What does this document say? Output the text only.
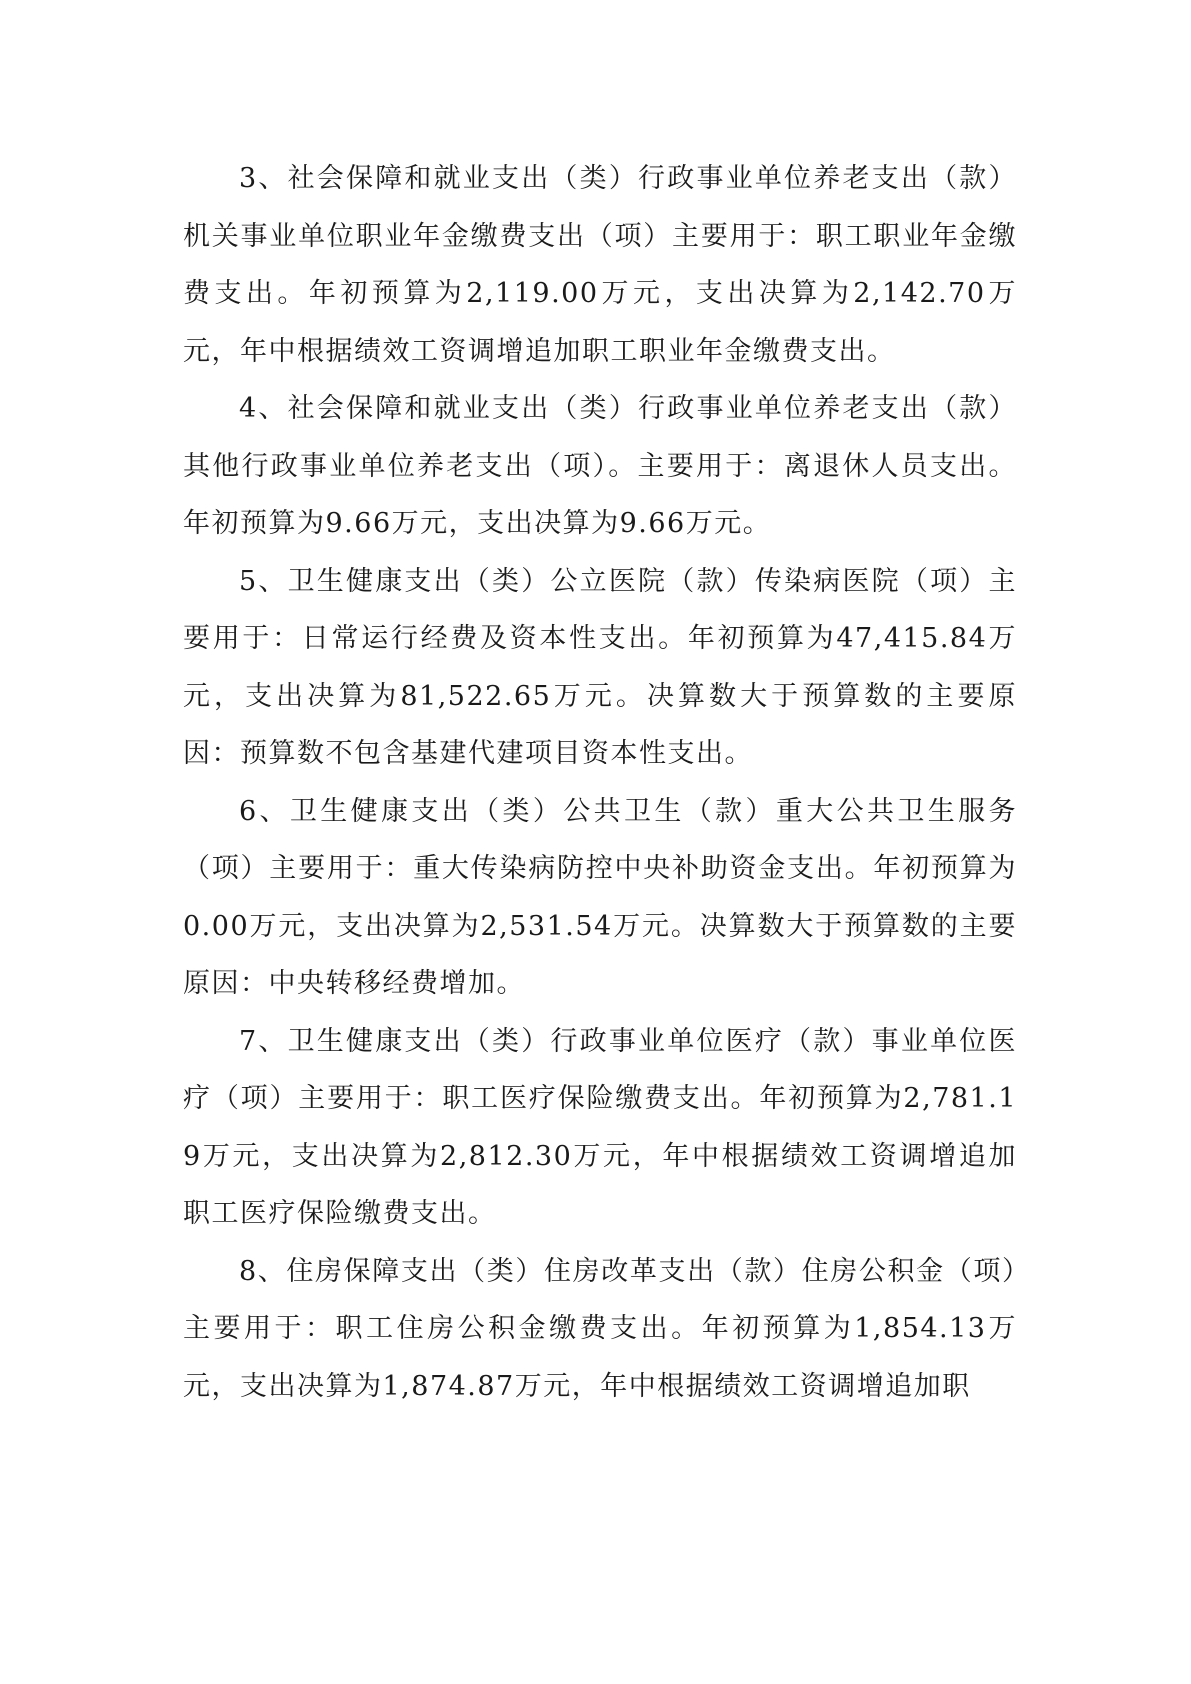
3、社会保障和就业支出（类）行政事业单位养老支出（款）机关事业单位职业年金缴费支出（项）主要用于：职工职业年金缴费支出。年初预算为2,119.00万元，支出决算为2,142.70万元，年中根据绩效工资调增追加职工职业年金缴费支出。

4、社会保障和就业支出（类）行政事业单位养老支出（款）其他行政事业单位养老支出（项）。主要用于：离退休人员支出。年初预算为9.66万元，支出决算为9.66万元。

5、卫生健康支出（类）公立医院（款）传染病医院（项）主要用于：日常运行经费及资本性支出。年初预算为47,415.84万元，支出决算为81,522.65万元。决算数大于预算数的主要原因：预算数不包含基建代建项目资本性支出。

6、卫生健康支出（类）公共卫生（款）重大公共卫生服务（项）主要用于：重大传染病防控中央补助资金支出。年初预算为0.00万元，支出决算为2,531.54万元。决算数大于预算数的主要原因：中央转移经费增加。

7、卫生健康支出（类）行政事业单位医疗（款）事业单位医疗（项）主要用于：职工医疗保险缴费支出。年初预算为2,781.19万元，支出决算为2,812.30万元，年中根据绩效工资调增追加职工医疗保险缴费支出。

8、住房保障支出（类）住房改革支出（款）住房公积金（项）主要用于：职工住房公积金缴费支出。年初预算为1,854.13万元，支出决算为1,874.87万元，年中根据绩效工资调增追加职
